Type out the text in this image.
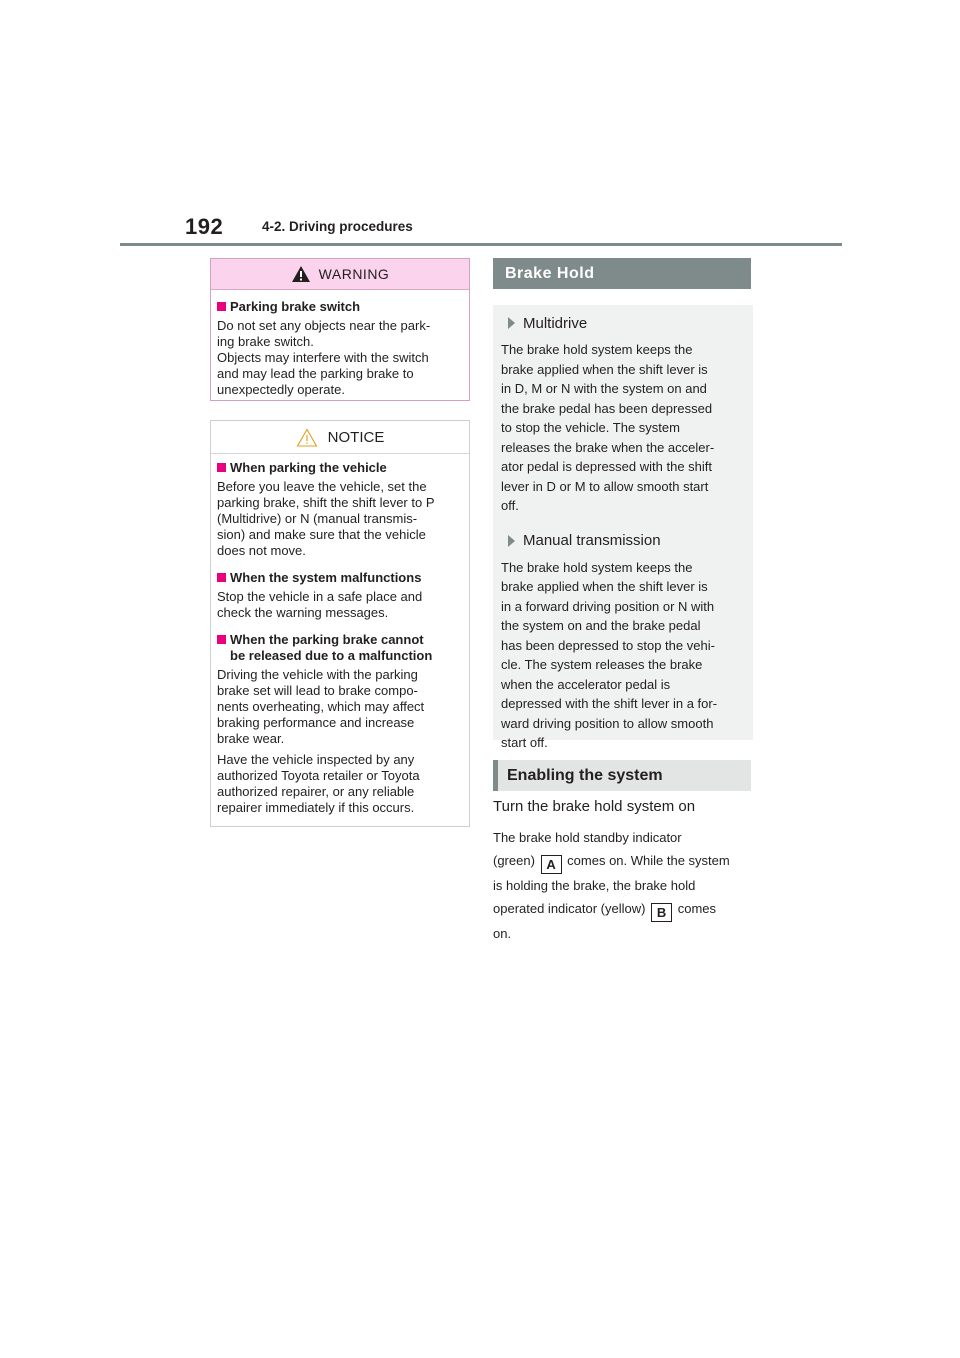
192	4-2. Driving procedures
WARNING
Parking brake switch
Do not set any objects near the park-
ing brake switch.
Objects may interfere with the switch
and may lead the parking brake to
unexpectedly operate.
NOTICE
When parking the vehicle
Before you leave the vehicle, set the
parking brake, shift the shift lever to P
(Multidrive) or N (manual transmis-
sion) and make sure that the vehicle
does not move.
When the system malfunctions
Stop the vehicle in a safe place and
check the warning messages.
When the parking brake cannot
be released due to a malfunction
Driving the vehicle with the parking
brake set will lead to brake compo-
nents overheating, which may affect
braking performance and increase
brake wear.
Have the vehicle inspected by any
authorized Toyota retailer or Toyota
authorized repairer, or any reliable
repairer immediately if this occurs.
Brake Hold
Multidrive
The brake hold system keeps the
brake applied when the shift lever is
in D, M or N with the system on and
the brake pedal has been depressed
to stop the vehicle. The system
releases the brake when the acceler-
ator pedal is depressed with the shift
lever in D or M to allow smooth start
off.
Manual transmission
The brake hold system keeps the
brake applied when the shift lever is
in a forward driving position or N with
the system on and the brake pedal
has been depressed to stop the vehi-
cle. The system releases the brake
when the accelerator pedal is
depressed with the shift lever in a for-
ward driving position to allow smooth
start off.
Enabling the system
Turn the brake hold system on
The brake hold standby indicator
(green) A comes on. While the system
is holding the brake, the brake hold
operated indicator (yellow) B comes
on.
